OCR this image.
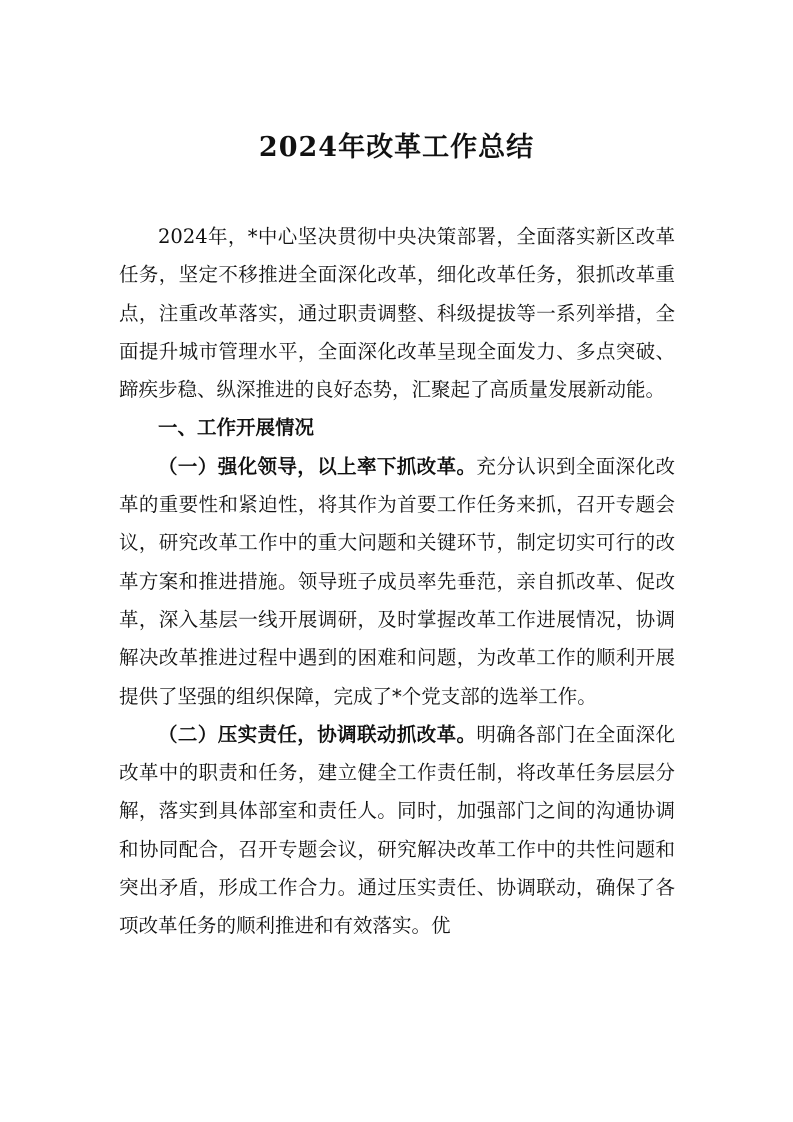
2024年改革工作总结

2024年，*中心坚决贯彻中央决策部署，全面落实新区改革任务，坚定不移推进全面深化改革，细化改革任务，狠抓改革重点，注重改革落实，通过职责调整、科级提拔等一系列举措，全面提升城市管理水平，全面深化改革呈现全面发力、多点突破、蹄疾步稳、纵深推进的良好态势，汇聚起了高质量发展新动能。

一、工作开展情况

（一）强化领导，以上率下抓改革。充分认识到全面深化改革的重要性和紧迫性，将其作为首要工作任务来抓，召开专题会议，研究改革工作中的重大问题和关键环节，制定切实可行的改革方案和推进措施。领导班子成员率先垂范，亲自抓改革、促改革，深入基层一线开展调研，及时掌握改革工作进展情况，协调解决改革推进过程中遇到的困难和问题，为改革工作的顺利开展提供了坚强的组织保障，完成了*个党支部的选举工作。

（二）压实责任，协调联动抓改革。明确各部门在全面深化改革中的职责和任务，建立健全工作责任制，将改革任务层层分解，落实到具体部室和责任人。同时，加强部门之间的沟通协调和协同配合，召开专题会议，研究解决改革工作中的共性问题和突出矛盾，形成工作合力。通过压实责任、协调联动，确保了各项改革任务的顺利推进和有效落实。优
